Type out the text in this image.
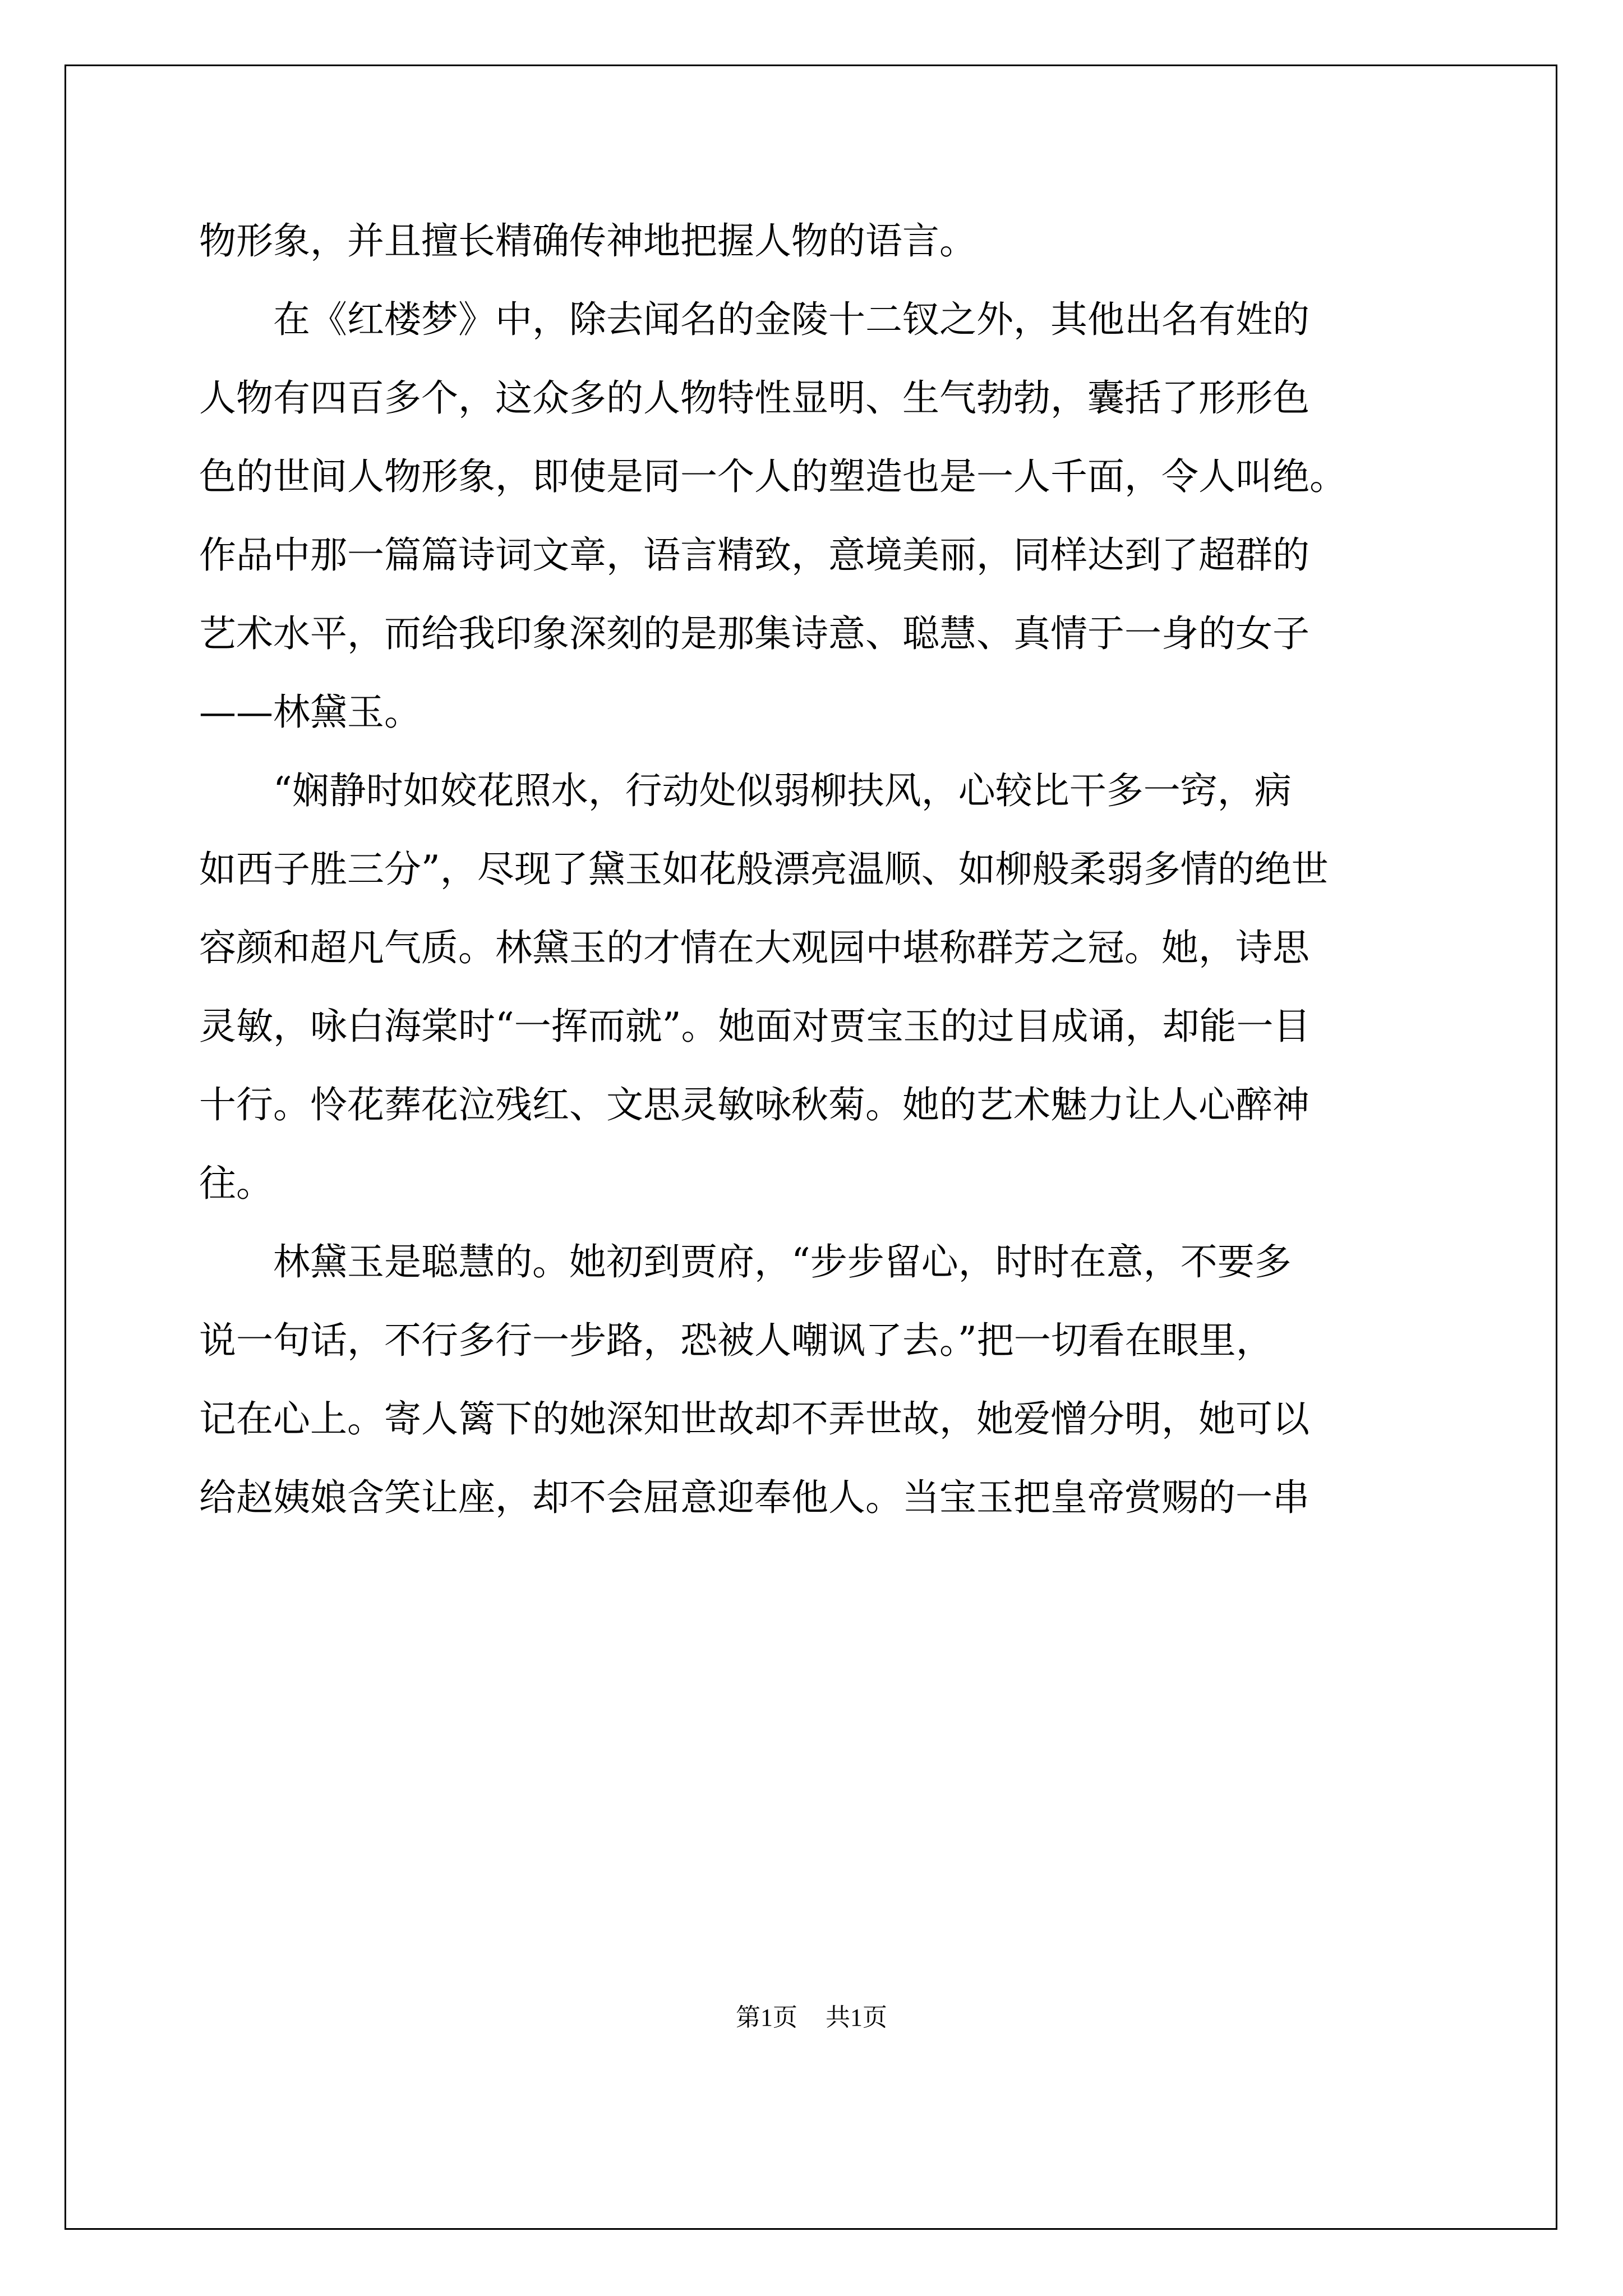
物形象，并且擅长精确传神地把握人物的语言。
在《红楼梦》中，除去闻名的金陵十二钗之外，其他出名有姓的
人物有四百多个，这众多的人物特性显明、生气勃勃，囊括了形形色
色的世间人物形象，即使是同一个人的塑造也是一人千面，令人叫绝。
作品中那一篇篇诗词文章，语言精致，意境美丽，同样达到了超群的
艺术水平，而给我印象深刻的是那集诗意、聪慧、真情于一身的女子
——林黛玉。
“娴静时如姣花照水，行动处似弱柳扶风，心较比干多一窍，病
如西子胜三分”，尽现了黛玉如花般漂亮温顺、如柳般柔弱多情的绝世
容颜和超凡气质。林黛玉的才情在大观园中堪称群芳之冠。她，诗思
灵敏，咏白海棠时“一挥而就”。她面对贾宝玉的过目成诵，却能一目
十行。怜花葬花泣残红、文思灵敏咏秋菊。她的艺术魅力让人心醉神
往。
林黛玉是聪慧的。她初到贾府，“步步留心，时时在意，不要多
说一句话，不行多行一步路，恐被人嘲讽了去。”把一切看在眼里，
记在心上。寄人篱下的她深知世故却不弄世故，她爱憎分明，她可以
给赵姨娘含笑让座，却不会屈意迎奉他人。当宝玉把皇帝赏赐的一串
第1页 共1页
